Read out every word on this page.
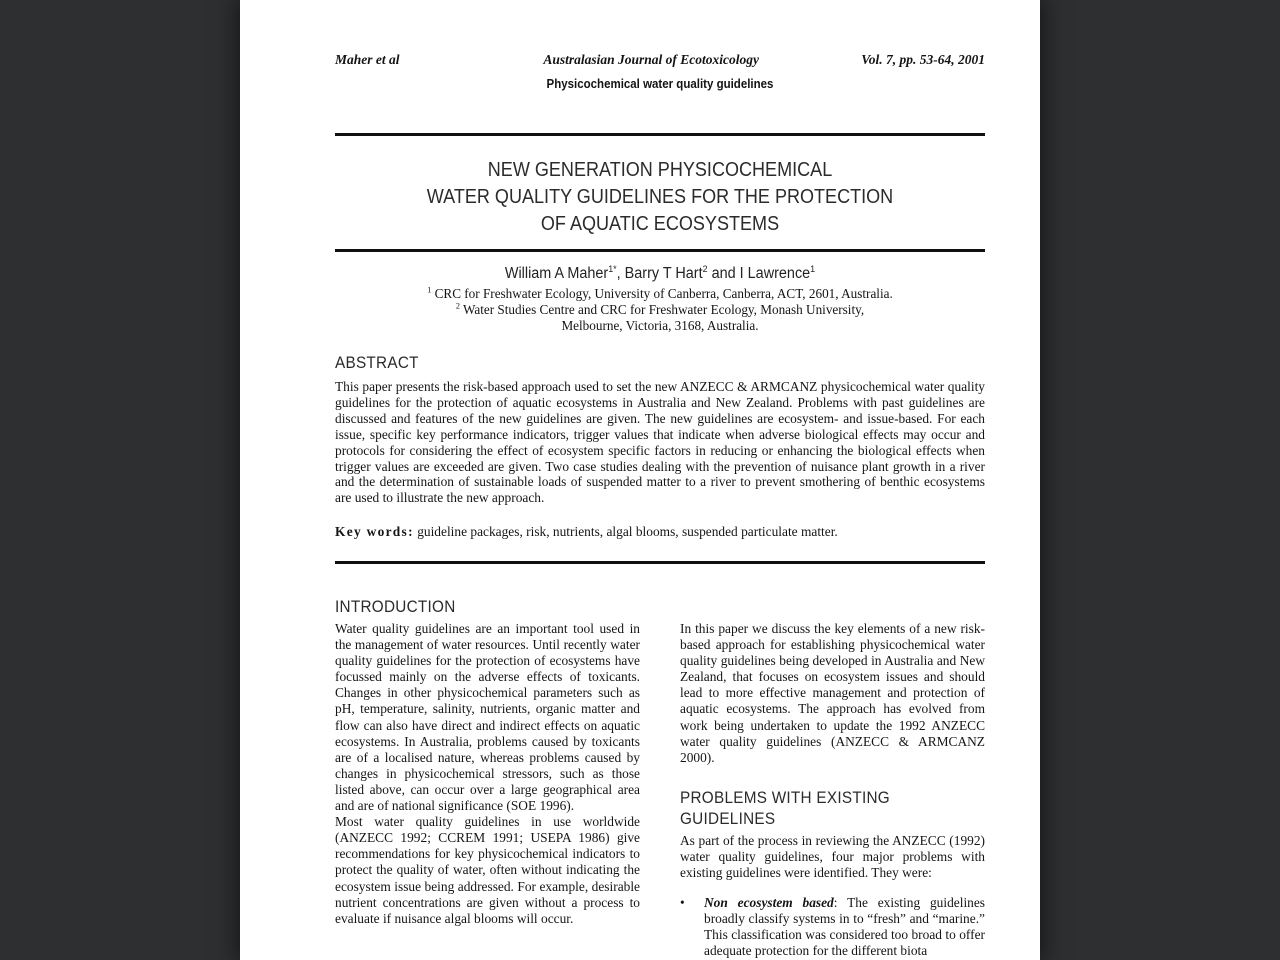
Maher et al	Australasian Journal of Ecotoxicology	Vol. 7, pp. 53-64, 2001
Physicochemical water quality guidelines
NEW GENERATION PHYSICOCHEMICAL
WATER QUALITY GUIDELINES FOR THE PROTECTION
OF AQUATIC ECOSYSTEMS
William A Maher$^{1*}$, Barry T Hart$^2$ and I Lawrence$^1$
$^1$ CRC for Freshwater Ecology, University of Canberra, Canberra, ACT, 2601, Australia.
$^2$ Water Studies Centre and CRC for Freshwater Ecology, Monash University,
Melbourne, Victoria, 3168, Australia.
ABSTRACT
This paper presents the risk-based approach used to set the new ANZECC & ARMCANZ physicochemical water quality guidelines for the protection of aquatic ecosystems in Australia and New Zealand. Problems with past guidelines are discussed and features of the new guidelines are given. The new guidelines are ecosystem- and issue-based. For each issue, specific key performance indicators, trigger values that indicate when adverse biological effects may occur and protocols for considering the effect of ecosystem specific factors in reducing or enhancing the biological effects when trigger values are exceeded are given. Two case studies dealing with the prevention of nuisance plant growth in a river and the determination of sustainable loads of suspended matter to a river to prevent smothering of benthic ecosystems are used to illustrate the new approach.
Key words: guideline packages, risk, nutrients, algal blooms, suspended particulate matter.
INTRODUCTION

Water quality guidelines are an important tool used in the management of water resources. Until recently water quality guidelines for the protection of ecosystems have focussed mainly on the adverse effects of toxicants. Changes in other physicochemical parameters such as pH, temperature, salinity, nutrients, organic matter and flow can also have direct and indirect effects on aquatic ecosystems. In Australia, problems caused by toxicants are of a localised nature, whereas problems caused by changes in physicochemical stressors, such as those listed above, can occur over a large geographical area and are of national significance (SOE 1996).

Most water quality guidelines in use worldwide (ANZECC 1992; CCREM 1991; USEPA 1986) give recommendations for key physicochemical indicators to protect the quality of water, often without indicating the ecosystem issue being addressed. For example, desirable nutrient concentrations are given without a process to evaluate if nuisance algal blooms will occur.

In this paper we discuss the key elements of a new risk-based approach for establishing physicochemical water quality guidelines being developed in Australia and New Zealand, that focuses on ecosystem issues and should lead to more effective management and protection of aquatic ecosystems. The approach has evolved from work being undertaken to update the 1992 ANZECC water quality guidelines (ANZECC & ARMCANZ 2000).

PROBLEMS WITH EXISTING GUIDELINES

As part of the process in reviewing the ANZECC (1992) water quality guidelines, four major problems with existing guidelines were identified. They were:

•	Non ecosystem based: The existing guidelines broadly classify systems in to “fresh” and “marine.” This classification was considered too broad to offer adequate protection for the different biota
